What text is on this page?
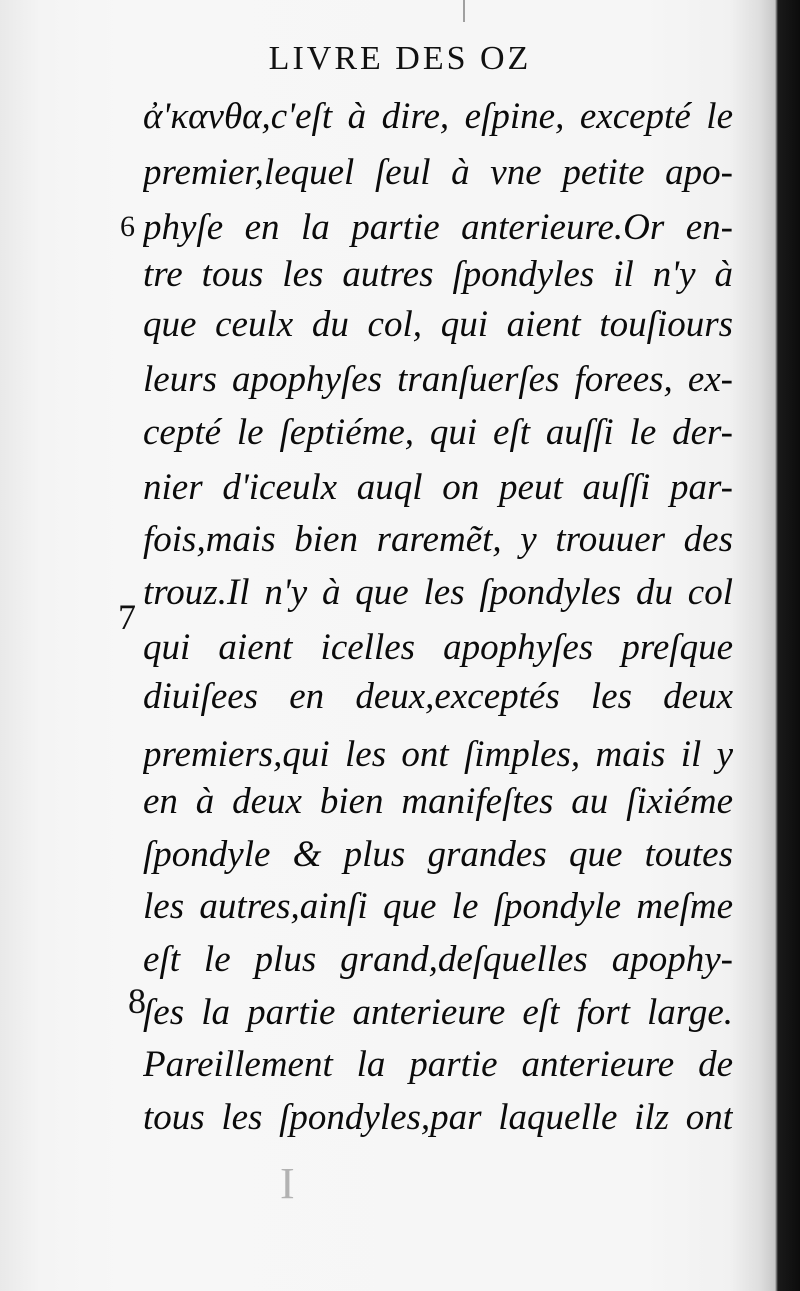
LIVRE DES OZ
ἀ'κανθα,c'eſt à dire, eſpine, excepté le
premier,lequel ſeul à vne petite apo-
phyſe en la partie anterieure.Or en-
tre tous les autres ſpondyles il n'y à
que ceulx du col, qui aient touſiours
leurs apophyſes tranſuerſes forees, ex-
cepté le ſeptiéme, qui eſt auſſi le der-
nier d'iceulx auql on peut auſſi par-
fois,mais bien raremẽt, y trouuer des
trouz.Il n'y à que les ſpondyles du col
qui aient icelles apophyſes preſque
diuiſees en deux,exceptés les deux
premiers,qui les ont ſimples, mais il y
en à deux bien manifeſtes au ſixiéme
ſpondyle & plus grandes que toutes
les autres,ainſi que le ſpondyle meſme
eſt le plus grand,deſquelles apophy-
ſes la partie anterieure eſt fort large.
Pareillement la partie anterieure de
tous les ſpondyles,par laquelle ilz ont
6
7
8
I
